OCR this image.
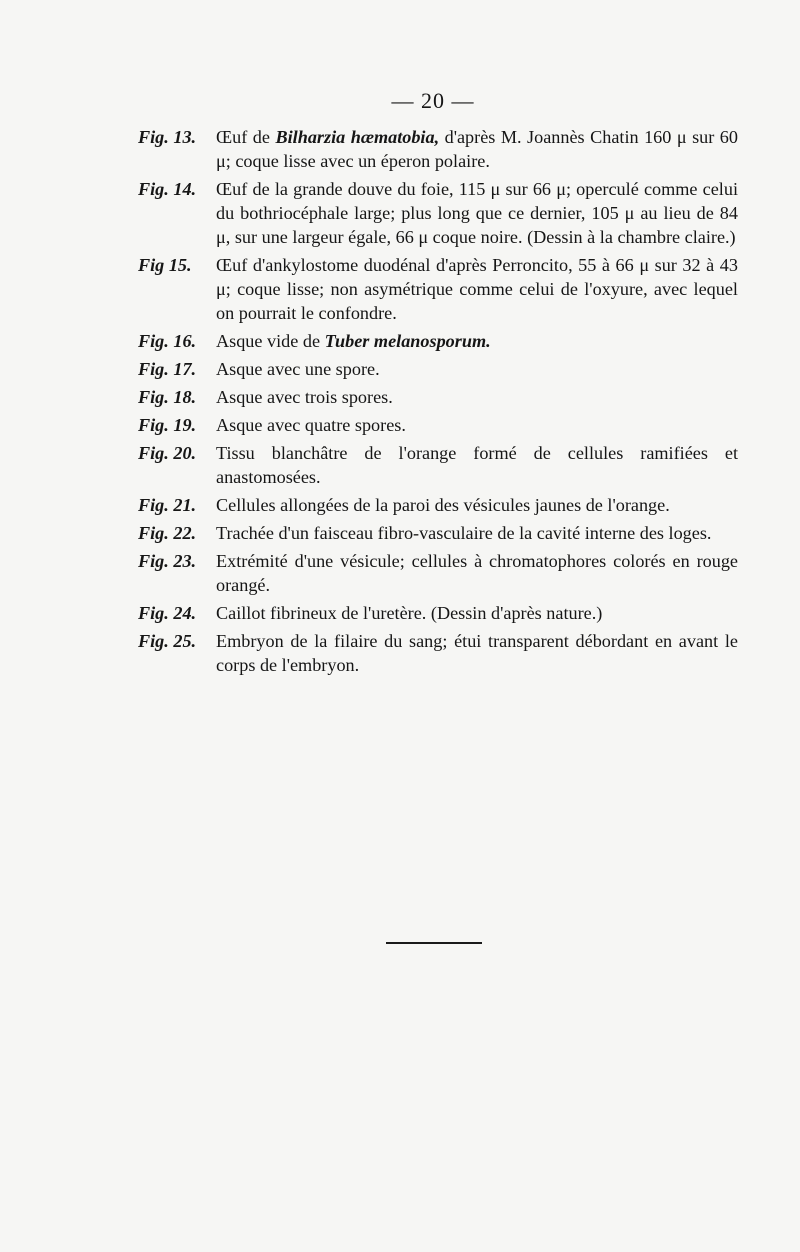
— 20 —
Fig. 13. Œuf de Bilharzia hæmatobia, d'après M. Joannès Chatin 160 μ sur 60 μ; coque lisse avec un éperon polaire.
Fig. 14. Œuf de la grande douve du foie, 115 μ sur 66 μ; operculé comme celui du bothriocéphale large; plus long que ce dernier, 105 μ au lieu de 84 μ, sur une largeur égale, 66 μ coque noire. (Dessin à la chambre claire.)
Fig 15. Œuf d'ankylostome duodénal d'après Perroncito, 55 à 66 μ sur 32 à 43 μ; coque lisse; non asymétrique comme celui de l'oxyure, avec lequel on pourrait le confondre.
Fig. 16. Asque vide de Tuber melanosporum.
Fig. 17. Asque avec une spore.
Fig. 18. Asque avec trois spores.
Fig. 19. Asque avec quatre spores.
Fig. 20. Tissu blanchâtre de l'orange formé de cellules ramifiées et anastomosées.
Fig. 21. Cellules allongées de la paroi des vésicules jaunes de l'orange.
Fig. 22. Trachée d'un faisceau fibro-vasculaire de la cavité interne des loges.
Fig. 23. Extrémité d'une vésicule; cellules à chromatophores colorés en rouge orangé.
Fig. 24. Caillot fibrineux de l'uretère. (Dessin d'après nature.)
Fig. 25. Embryon de la filaire du sang; étui transparent débordant en avant le corps de l'embryon.
